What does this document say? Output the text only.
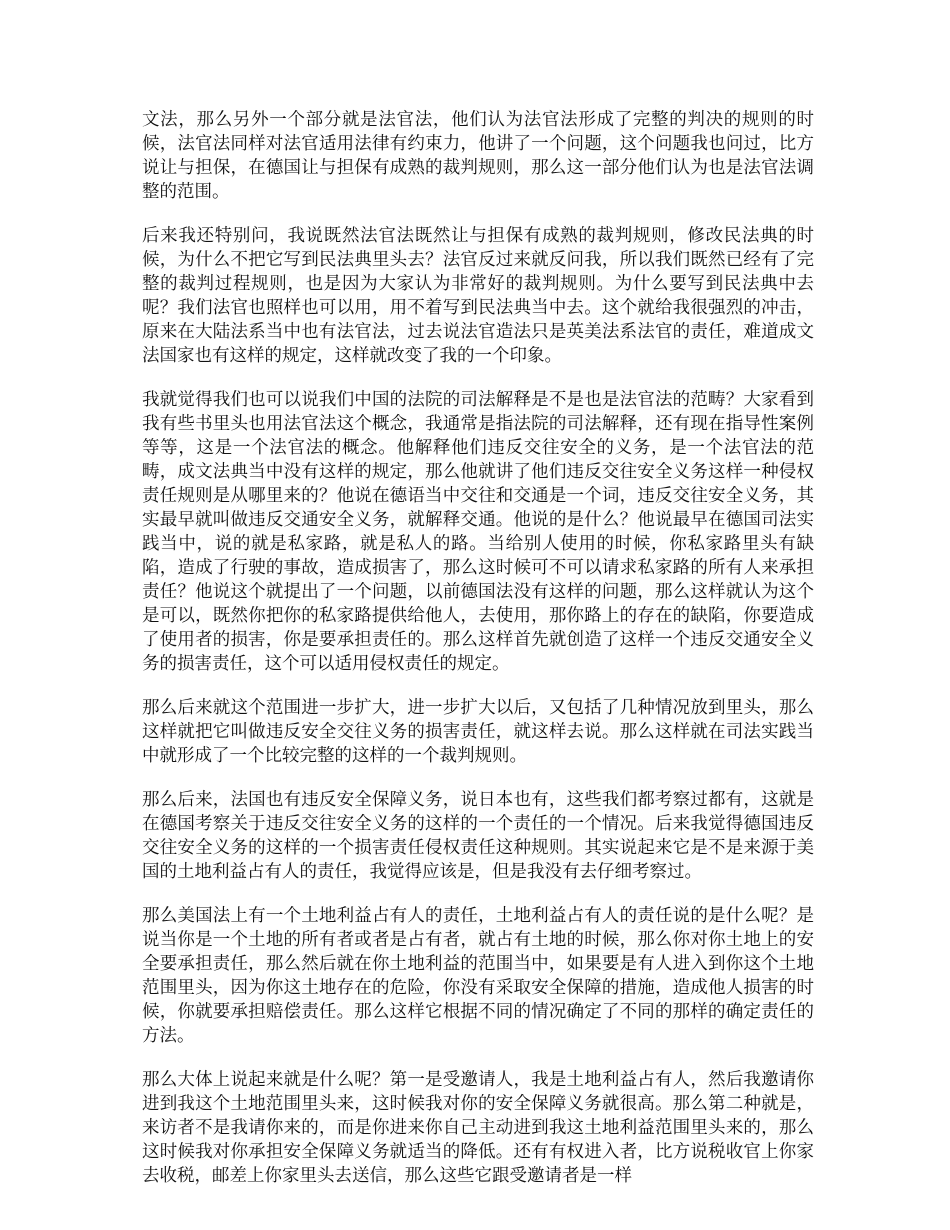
文法，那么另外一个部分就是法官法，他们认为法官法形成了完整的判决的规则的时候，法官法同样对法官适用法律有约束力，他讲了一个问题，这个问题我也问过，比方说让与担保，在德国让与担保有成熟的裁判规则，那么这一部分他们认为也是法官法调整的范围。

后来我还特别问，我说既然法官法既然让与担保有成熟的裁判规则，修改民法典的时候，为什么不把它写到民法典里头去？法官反过来就反问我，所以我们既然已经有了完整的裁判过程规则，也是因为大家认为非常好的裁判规则。为什么要写到民法典中去呢？我们法官也照样也可以用，用不着写到民法典当中去。这个就给我很强烈的冲击，原来在大陆法系当中也有法官法，过去说法官造法只是英美法系法官的责任，难道成文法国家也有这样的规定，这样就改变了我的一个印象。

我就觉得我们也可以说我们中国的法院的司法解释是不是也是法官法的范畴？大家看到我有些书里头也用法官法这个概念，我通常是指法院的司法解释，还有现在指导性案例等等，这是一个法官法的概念。他解释他们违反交往安全的义务，是一个法官法的范畴，成文法典当中没有这样的规定，那么他就讲了他们违反交往安全义务这样一种侵权责任规则是从哪里来的？他说在德语当中交往和交通是一个词，违反交往安全义务，其实最早就叫做违反交通安全义务，就解释交通。他说的是什么？他说最早在德国司法实践当中，说的就是私家路，就是私人的路。当给别人使用的时候，你私家路里头有缺陷，造成了行驶的事故，造成损害了，那么这时候可不可以请求私家路的所有人来承担责任？他说这个就提出了一个问题，以前德国法没有这样的问题，那么这样就认为这个是可以，既然你把你的私家路提供给他人，去使用，那你路上的存在的缺陷，你要造成了使用者的损害，你是要承担责任的。那么这样首先就创造了这样一个违反交通安全义务的损害责任，这个可以适用侵权责任的规定。

那么后来就这个范围进一步扩大，进一步扩大以后，又包括了几种情况放到里头，那么这样就把它叫做违反安全交往义务的损害责任，就这样去说。那么这样就在司法实践当中就形成了一个比较完整的这样的一个裁判规则。

那么后来，法国也有违反安全保障义务，说日本也有，这些我们都考察过都有，这就是在德国考察关于违反交往安全义务的这样的一个责任的一个情况。后来我觉得德国违反交往安全义务的这样的一个损害责任侵权责任这种规则。其实说起来它是不是来源于美国的土地利益占有人的责任，我觉得应该是，但是我没有去仔细考察过。

那么美国法上有一个土地利益占有人的责任，土地利益占有人的责任说的是什么呢？是说当你是一个土地的所有者或者是占有者，就占有土地的时候，那么你对你土地上的安全要承担责任，那么然后就在你土地利益的范围当中，如果要是有人进入到你这个土地范围里头，因为你这土地存在的危险，你没有采取安全保障的措施，造成他人损害的时候，你就要承担赔偿责任。那么这样它根据不同的情况确定了不同的那样的确定责任的方法。

那么大体上说起来就是什么呢？第一是受邀请人，我是土地利益占有人，然后我邀请你进到我这个土地范围里头来，这时候我对你的安全保障义务就很高。那么第二种就是，来访者不是我请你来的，而是你进来你自己主动进到我这土地利益范围里头来的，那么这时候我对你承担安全保障义务就适当的降低。还有有权进入者，比方说税收官上你家去收税，邮差上你家里头去送信，那么这些它跟受邀请者是一样
